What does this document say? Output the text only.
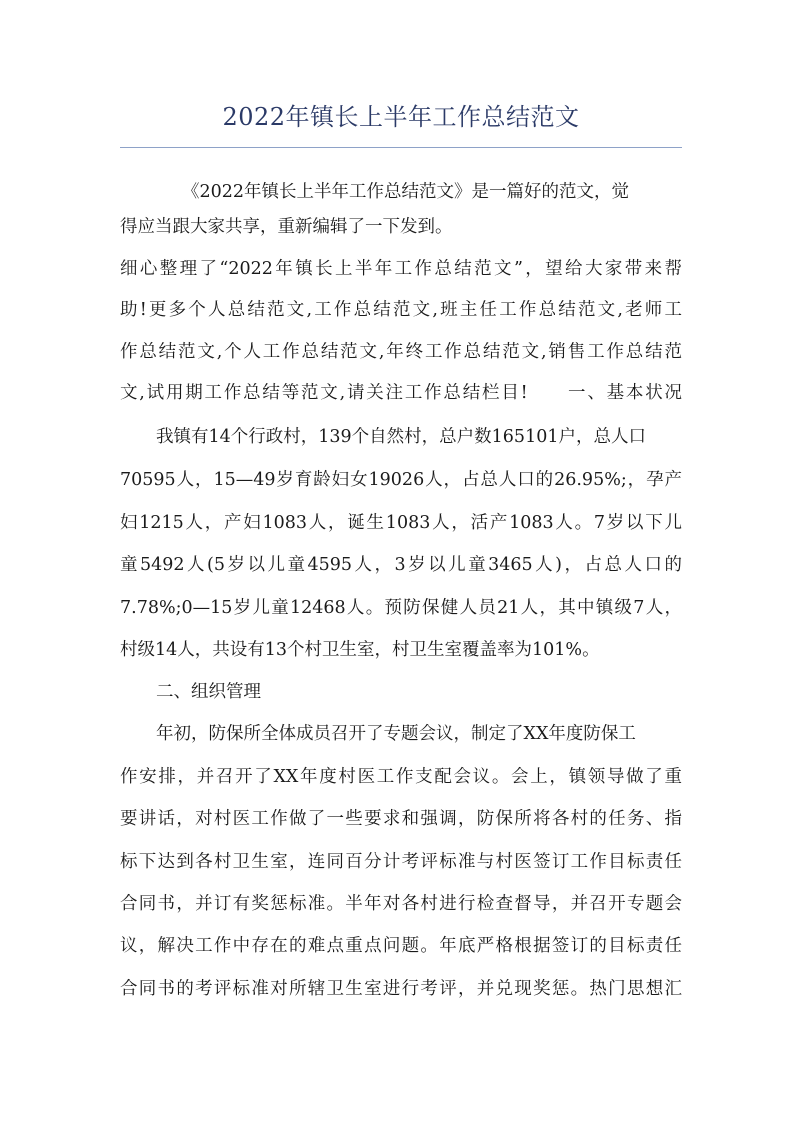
2022年镇长上半年工作总结范文
《2022年镇长上半年工作总结范文》是一篇好的范文，觉
得应当跟大家共享，重新编辑了一下发到。
细心整理了“2022年镇长上半年工作总结范文”，望给大家带来帮
助!更多个人总结范文,工作总结范文,班主任工作总结范文,老师工
作总结范文,个人工作总结范文,年终工作总结范文,销售工作总结范
文,试用期工作总结等范文,请关注工作总结栏目!　　一、基本状况
我镇有14个行政村，139个自然村，总户数165101户，总人口
70595人，15—49岁育龄妇女19026人，占总人口的26.95%;，孕产
妇1215人，产妇1083人，诞生1083人，活产1083人。7岁以下儿
童5492人(5岁以儿童4595人，3岁以儿童3465人)，占总人口的
7.78%;0—15岁儿童12468人。预防保健人员21人，其中镇级7人，
村级14人，共设有13个村卫生室，村卫生室覆盖率为101%。
二、组织管理
年初，防保所全体成员召开了专题会议，制定了XX年度防保工
作安排，并召开了XX年度村医工作支配会议。会上，镇领导做了重
要讲话，对村医工作做了一些要求和强调，防保所将各村的任务、指
标下达到各村卫生室，连同百分计考评标准与村医签订工作目标责任
合同书，并订有奖惩标准。半年对各村进行检查督导，并召开专题会
议，解决工作中存在的难点重点问题。年底严格根据签订的目标责任
合同书的考评标准对所辖卫生室进行考评，并兑现奖惩。热门思想汇
